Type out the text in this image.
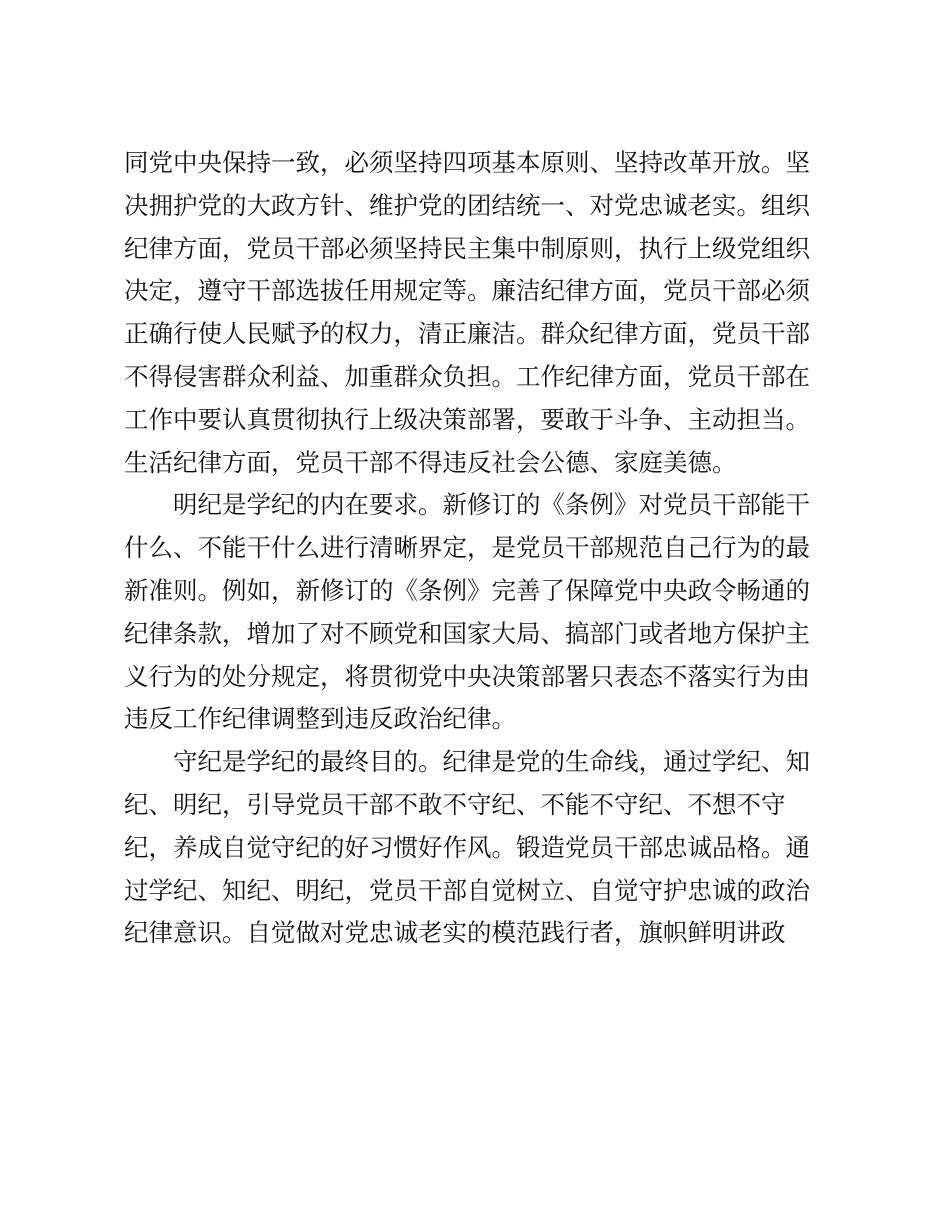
同党中央保持一致，必须坚持四项基本原则、坚持改革开放。坚
决拥护党的大政方针、维护党的团结统一、对党忠诚老实。组织
纪律方面，党员干部必须坚持民主集中制原则，执行上级党组织
决定，遵守干部选拔任用规定等。廉洁纪律方面，党员干部必须
正确行使人民赋予的权力，清正廉洁。群众纪律方面，党员干部
不得侵害群众利益、加重群众负担。工作纪律方面，党员干部在
工作中要认真贯彻执行上级决策部署，要敢于斗争、主动担当。
生活纪律方面，党员干部不得违反社会公德、家庭美德。
明纪是学纪的内在要求。新修订的《条例》对党员干部能干
什么、不能干什么进行清晰界定，是党员干部规范自己行为的最
新准则。例如，新修订的《条例》完善了保障党中央政令畅通的
纪律条款，增加了对不顾党和国家大局、搞部门或者地方保护主
义行为的处分规定，将贯彻党中央决策部署只表态不落实行为由
违反工作纪律调整到违反政治纪律。
守纪是学纪的最终目的。纪律是党的生命线，通过学纪、知
纪、明纪，引导党员干部不敢不守纪、不能不守纪、不想不守
纪，养成自觉守纪的好习惯好作风。锻造党员干部忠诚品格。通
过学纪、知纪、明纪，党员干部自觉树立、自觉守护忠诚的政治
纪律意识。自觉做对党忠诚老实的模范践行者，旗帜鲜明讲政
